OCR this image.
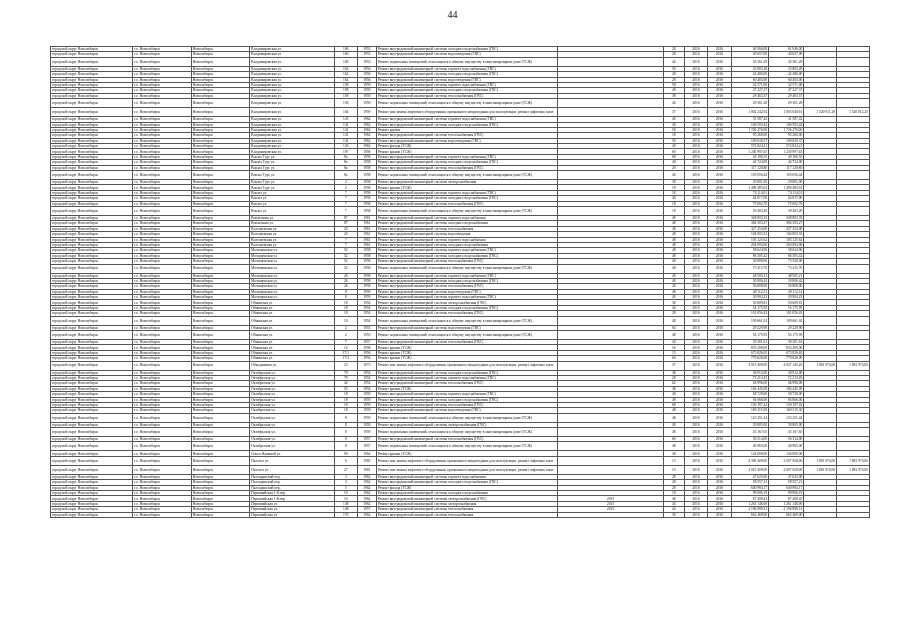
44
городской округ Новосибирск	г.о. Новосибирск	Новосибирск	Владимировская ул.	160	1953	Ремонт внутридомовой инженерной системы холодного водоснабжения (ГВС)		28	2016	2016	60 566,00	61 946,00		
городской округ Новосибирск	г.о. Новосибирск	Новосибирск	Владимировская ул.	160	1953	Ремонт внутридомовой инженерной системы водоотведения (ГВС)		28	2016	2016	40 657,00	40 657,00		
городской округ Новосибирск	г.о. Новосибирск	Новосибирск	Владимировская ул.	160	1953	Ремонт подвальных помещений, относящихся к общему имуществу в многоквартирном доме (ТСЖ)		44	2016	2016	45 361,29	45 361,29		
городской округ Новосибирск	г.о. Новосибирск	Новосибирск	Владимировская ул.	162	1956	Ремонт внутридомовой инженерной системы горячего водоснабжения (ГВС)		58	2016	2016	33 803,28	33 803,28		
городской округ Новосибирск	г.о. Новосибирск	Новосибирск	Владимировская ул.	162	1956	Ремонт внутридомовой инженерной системы холодного водоснабжения (ГВС)		28	2016	2016	42 486,00	42 486,00		
городской округ Новосибирск	г.о. Новосибирск	Новосибирск	Владимировская ул.	162	1956	Ремонт внутридомовой инженерной системы водоотведения (ГВС)		28	2016	2016	60 403,00	60 403,00		
городской округ Новосибирск	г.о. Новосибирск	Новосибирск	Владимировская ул.	158	1959	Ремонт внутридомовой инженерной системы горячего водоснабжения (ГВС)		58	2016	2016	32 571,00	32 571,00		
городской округ Новосибирск	г.о. Новосибирск	Новосибирск	Владимировская ул.	158	1959	Ремонт внутридомовой инженерной системы холодного водоснабжения (ГВС)		28	2016	2016	47 227,37	47 227,37		
городской округ Новосибирск	г.о. Новосибирск	Новосибирск	Владимировская ул.	158	1959	Ремонт внутридомовой инженерной системы теплоснабжения (ГВС)		38	2016	2016	29 463,57	29 463,57		
городской округ Новосибирск	г.о. Новосибирск	Новосибирск	Владимировская ул.	158	1959	Ремонт подвальных помещений, относящихся к общему имуществу в многоквартирном доме (ТСЖ)		44	2016	2016	29 361,28	29 361,28		
городской округ Новосибирск	г.о. Новосибирск	Новосибирск	Владимировская ул.	164	1959	Ремонт или замена лифтового оборудования, признанного непригодным для эксплуатации, ремонт лифтовых шахт		37	2016	2016	1 002 242,94	1 003 640,61	1 520 011,29	1 520 012,25
городской округ Новосибирск	г.о. Новосибирск	Новосибирск	Владимировская ул.	141	1962	Ремонт внутридомовой инженерной системы горячего водоснабжения (ГВС)		40	2016	2016	31 587,42	31 587,42		
городской округ Новосибирск	г.о. Новосибирск	Новосибирск	Владимировская ул.	141	1962	Ремонт внутридомовой инженерной системы холодного водоснабжения (ГВС)		40	2016	2016	106 593,42	106 593,42		
городской округ Новосибирск	г.о. Новосибирск	Новосибирск	Владимировская ул.	141	1962	Ремонт крыши		58	2016	2016	1 726 276,00	1 726 276,00		
городской округ Новосибирск	г.о. Новосибирск	Новосибирск	Владимировская ул.	141	1962	Ремонт внутридомовой инженерной системы теплоснабжения (ГВС)		18	2016	2016	95 260,00	95 260,00		
городской округ Новосибирск	г.о. Новосибирск	Новосибирск	Владимировская ул.	141	1962	Ремонт внутридомовой инженерной системы водоотведения (ГВС)		58	2016	2016	109 630,37	109 630,37		
городской округ Новосибирск	г.о. Новосибирск	Новосибирск	Владимировская ул.	143	1962	Ремонт фасада (ТСЖ)		40	2016	2016	574 824,21	574 824,21		
городской округ Новосибирск	г.о. Новосибирск	Новосибирск	Владимировская ул.	197	1958	Ремонт крыши (ТСЖ)		60	2016	2016	1 230 997,65	1 230 997,65		
городской округ Новосибирск	г.о. Новосибирск	Новосибирск	Вокзал Турс ул.	8а	1958	Ремонт внутридомовой инженерной системы горячего водоснабжения (ГВС)		68	2016	2016	40 106,55	40 106,55		
городской округ Новосибирск	г.о. Новосибирск	Новосибирск	Вокзал Турс ул.	8а	1958	Ремонт внутридомовой инженерной системы холодного водоснабжения (ГВС)		40	2016	2016	44 724,00	44 724,00		
городской округ Новосибирск	г.о. Новосибирск	Новосибирск	Вокзал Турс ул.	8а	1958	Ремонт внутридомовой инженерной системы теплоснабжения (ГВС)		20	2016	2016	117 120,80	117 120,80		
городской округ Новосибирск	г.о. Новосибирск	Новосибирск	Вокзал Турс ул.	8а	1958	Ремонт подвальных помещений, относящихся к общему имуществу в многоквартирном доме (ТСЖ)		40	2016	2016	105 056,44	105 056,44		
городской округ Новосибирск	г.о. Новосибирск	Новосибирск	Вокзал Турс ул.	2	1958	Ремонт внутридомовой инженерной системы электроснабжения		38	2016	2016	29 801,00	29 801,00		
городской округ Новосибирск	г.о. Новосибирск	Новосибирск	Вокзал Турс ул.	2	1958	Ремонт крыши (ТСЖ)		18	2016	2016	1 499 485,02	1 499 485,02		
городской округ Новосибирск	г.о. Новосибирск	Новосибирск	Вокзал ул.	7	1958	Ремонт внутридомовой инженерной системы горячего водоснабжения (ГВС)		18	2016	2016	74 114,01	74 114,01		
городской округ Новосибирск	г.о. Новосибирск	Новосибирск	Вокзал ул.	7	1958	Ремонт внутридомовой инженерной системы холодного водоснабжения (ГВС)		40	2016	2016	64 017,00	64 017,00		
городской округ Новосибирск	г.о. Новосибирск	Новосибирск	Вокзал ул.	7	1958	Ремонт внутридомовой инженерной системы теплоснабжения (ГВС)		18	2016	2016	75 002,70	75 002,70		
городской округ Новосибирск	г.о. Новосибирск	Новосибирск	Вокзал ул.	7	1958	Ремонт подвальных помещений, относящихся к общему имуществу в многоквартирном доме (ТСЖ)		18	2016	2016	39 403,20	39 403,20		
городской округ Новосибирск	г.о. Новосибирск	Новосибирск	Вокзальная ул.	87	1961	Ремонт внутридомовой инженерной системы горячего водоснабжения		48	2016	2016	348 803,35	348 803,35		
городской округ Новосибирск	г.о. Новосибирск	Новосибирск	Вокзальная ул.	87	1961	Ремонт внутридомовой инженерной системы холодного водоснабжения		48	2016	2016	384 303,27	384 303,27		
городской округ Новосибирск	г.о. Новосибирск	Новосибирск	Волочаевская ул.	20	1961	Ремонт внутридомовой инженерной системы теплоснабжения		38	2016	2016	327 254,00	327 254,00		
городской округ Новосибирск	г.о. Новосибирск	Новосибирск	Волочаевская ул.	20	1961	Ремонт внутридомовой инженерной системы водоотведения		48	2016	2016	104 003,33	104 003,33		
городской округ Новосибирск	г.о. Новосибирск	Новосибирск	Волочаевская ул.	7	1961	Ремонт внутридомовой инженерной системы горячего водоснабжения		48	2016	2016	103 125,62	103 125,62		
городской округ Новосибирск	г.о. Новосибирск	Новосибирск	Волочаевская ул.	7	1961	Ремонт внутридомовой инженерной системы холодного водоснабжения		48	2016	2016	204 094,06	204 094,06		
городской округ Новосибирск	г.о. Новосибирск	Новосибирск	Мочищенская ул.	52	1958	Ремонт внутридомовой инженерной системы горячего водоснабжения (ГВС)		48	2016	2016	38 624,96	38 624,96		
городской округ Новосибирск	г.о. Новосибирск	Новосибирск	Мочищенская ул.	52	1958	Ремонт внутридомовой инженерной системы холодного водоснабжения (ГВС)		48	2016	2016	86 305,42	86 305,42		
городской округ Новосибирск	г.о. Новосибирск	Новосибирск	Мочищенская ул.	52	1958	Ремонт внутридомовой инженерной системы теплоснабжения (ГВС)		40	2016	2016	30 808,00	73 520,00		
городской округ Новосибирск	г.о. Новосибирск	Новосибирск	Мочищенская ул.	52	1958	Ремонт подвальных помещений, относящихся к общему имуществу в многоквартирном доме (ТСЖ)		48	2016	2016	73 415,70	73 415,70		
городской округ Новосибирск	г.о. Новосибирск	Новосибирск	Мочищенская ул.	26	1958	Ремонт внутридомовой инженерной системы горячего водоснабжения (ГВС)		40	2016	2016	48 505,21	48 505,21		
городской округ Новосибирск	г.о. Новосибирск	Новосибирск	Мочищенская ул.	26	1958	Ремонт внутридомовой инженерной системы холодного водоснабжения (ГВС)		40	2016	2016	30 806,42	30 806,42		
городской округ Новосибирск	г.о. Новосибирск	Новосибирск	Мочищенская ул.	26	1958	Ремонт внутридомовой инженерной системы теплоснабжения (ГВС)		28	2016	2016	56 808,00	56 808,00		
городской округ Новосибирск	г.о. Новосибирск	Новосибирск	Мочищенская ул.	8	1959	Ремонт внутридомовой инженерной системы водоотведения (ГВС)		48	2016	2016	40 112,31	40 112,31		
городской округ Новосибирск	г.о. Новосибирск	Новосибирск	Мочищенская ул.	8	1959	Ремонт внутридомовой инженерной системы горячего водоснабжения (ГВС)		40	2016	2016	30 904,23	30 904,23		
городской округ Новосибирск	г.о. Новосибирск	Новосибирск	Обнинская ул.	18	1954	Ремонт внутридомовой инженерной системы электроснабжения (ГВС)		38	2016	2016	50 609,81	50 609,81		
городской округ Новосибирск	г.о. Новосибирск	Новосибирск	Обнинская ул.	18	1954	Ремонт внутридомовой инженерной системы холодного водоснабжения (ГВС)		44	2016	2016	54 175,95	54 175,95		
городской округ Новосибирск	г.о. Новосибирск	Новосибирск	Обнинская ул.	18	1954	Ремонт внутридомовой инженерной системы теплоснабжения (ГВС)		28	2016	2016	101 056,43	101 056,43		
городской округ Новосибирск	г.о. Новосибирск	Новосибирск	Обнинская ул.	10	1954	Ремонт подвальных помещений, относящихся к общему имуществу в многоквартирном доме (ТСЖ)		48	2016	2016	109 661,02	109 661,02		
городской округ Новосибирск	г.о. Новосибирск	Новосибирск	Обнинская ул.	2	1953	Ремонт внутридомовой инженерной системы водоотведения (ГВС)		64	2016	2016	29 229,90	29 229,90		
городской округ Новосибирск	г.о. Новосибирск	Новосибирск	Обнинская ул.	2	1953	Ремонт подвальных помещений, относящихся к общему имуществу в многоквартирном доме (ТСЖ)		48	2016	2016	54 175,95	54 175,95		
городской округ Новосибирск	г.о. Новосибирск	Новосибирск	Обнинская ул.	7	1957	Ремонт внутридомовой инженерной системы теплоснабжения (ГВС)		40	2016	2016	39 301,61	39 301,61		
городской округ Новосибирск	г.о. Новосибирск	Новосибирск	Обнинская ул.	14	1958	Ремонт крыши (ТСЖ)		16	2016	2016	833 209,00	833 209,00		
городской округ Новосибирск	г.о. Новосибирск	Новосибирск	Обнинская ул.	17/1	1956	Ремонт крыши (ТСЖ)		15	2016	2016	673 826,65	673 826,65		
городской округ Новосибирск	г.о. Новосибирск	Новосибирск	Обнинская ул.	17/2	1956	Ремонт крыши (ТСЖ)		60	2016	2016	770 626,00	770 626,00		
городской округ Новосибирск	г.о. Новосибирск	Новосибирск	Объединения ул.	23	1973	Ремонт или замена лифтового оборудования, признанного непригодным для эксплуатации, ремонт лифтовых шахт		37	2016	2016	4 015 409,00	4 027 145,26	1 881 974,00	1 881 974,00
городской округ Новосибирск	г.о. Новосибирск	Новосибирск	Октябрьская ул.	79	1954	Ремонт внутридомовой инженерной системы холодного водоснабжения (ГВС)		48	2016	2016	38 912,00	38 912,00		
городской округ Новосибирск	г.о. Новосибирск	Новосибирск	Октябрьская ул.	79	1954	Ремонт внутридомовой инженерной системы горячего водоснабжения (ГВС)		28	2016	2016	72 213,45	72 213,45		
городской округ Новосибирск	г.о. Новосибирск	Новосибирск	Октябрьская ул.	44	1952	Ремонт внутридомовой инженерной системы теплоснабжения (ГВС)		62	2016	2016	46 996,00	46 996,00		
городской округ Новосибирск	г.о. Новосибирск	Новосибирск	Октябрьская ул.	55	1954	Ремонт крыши (ТСЖ)		48	2016	2016	184 445,09	184 445,09		
городской округ Новосибирск	г.о. Новосибирск	Новосибирск	Октябрьская ул.	18	1959	Ремонт внутридомовой инженерной системы горячего водоснабжения (ГВС)		40	2016	2016	58 729,00	58 729,00		
городской округ Новосибирск	г.о. Новосибирск	Новосибирск	Октябрьская ул.	18	1959	Ремонт внутридомовой инженерной системы холодного водоснабжения (ГВС)		48	2016	2016	94 066,00	94 066,00		
городской округ Новосибирск	г.о. Новосибирск	Новосибирск	Октябрьская ул.	18	1959	Ремонт внутридомовой инженерной системы теплоснабжения (ГВС)		68	2016	2016	130 197,42	130 197,42		
городской округ Новосибирск	г.о. Новосибирск	Новосибирск	Октябрьская ул.	18	1959	Ремонт внутридомовой инженерной системы водоотведения (ГВС)		48	2016	2016	160 315,30	160 315,30		
городской округ Новосибирск	г.о. Новосибирск	Новосибирск	Октябрьская ул.	8	1959	Ремонт подвальных помещений, относящихся к общему имуществу в многоквартирном доме (ТСЖ)		48	2016	2016	123 251,44	123 251,44		
городской округ Новосибирск	г.о. Новосибирск	Новосибирск	Октябрьская ул.	8	1959	Ремонт внутридомовой инженерной системы электроснабжения (ГВС)		40	2016	2016	39 805,00	39 805,00		
городской округ Новосибирск	г.о. Новосибирск	Новосибирск	Октябрьская ул.	8	1959	Ремонт подвальных помещений, относящихся к общему имуществу в многоквартирном доме (ТСЖ)		48	2016	2016	43 167,65	43 167,65		
городской округ Новосибирск	г.о. Новосибирск	Новосибирск	Октябрьская ул.	8	1957	Ремонт внутридомовой инженерной системы теплоснабжения (ГВС)		60	2016	2016	56 314,00	56 314,00		
городской округ Новосибирск	г.о. Новосибирск	Новосибирск	Октябрьская ул.	8	1957	Ремонт подвальных помещений, относящихся к общему имуществу в многоквартирном доме (ТСЖ)		48	2016	2016	40 965,00	40 965,00		
городской округ Новосибирск	г.о. Новосибирск	Новосибирск	Ольги Жилиной ул.	90	1962	Ремонт крыши (ТСЖ)		48	2016	2016	144 000,00	144 000,00		
городской округ Новосибирск	г.о. Новосибирск	Новосибирск	Палласа ул.	6	1983	Ремонт или замена лифтового оборудования, признанного непригодным для эксплуатации, ремонт лифтовых шахт		15	2016	2016	4 300 409,00	2 007 920,00	1 881 974,00	1 881 974,00
городской округ Новосибирск	г.о. Новосибирск	Новосибирск	Палласа ул.	27	1981	Ремонт или замена лифтового оборудования, признанного непригодным для эксплуатации, ремонт лифтовых шахт		15	2016	2016	4 015 409,00	2 007 920,00	1 881 974,00	1 881 974,00
городской округ Новосибирск	г.о. Новосибирск	Новосибирск	Палладинский пер.	3	1962	Ремонт внутридомовой инженерной системы горячего водоснабжения		28	2016	2016	47 625,00	47 625,00		
городской округ Новосибирск	г.о. Новосибирск	Новосибирск	Палладинский пер.	3	1962	Ремонт внутридомовой инженерной системы холодного водоснабжения (ГВС)		28	2016	2016	58 557,21	58 557,21		
городской округ Новосибирск	г.о. Новосибирск	Новосибирск	Палладинский пер.	5	1962	Ремонт фасада (ТСЖ)		28	2016	2016	640 984,17	640 984,17		
городской округ Новосибирск	г.о. Новосибирск	Новосибирск	Первомайская 1-й пер.	10	1962	Ремонт внутридомовой инженерной системы холодного водоснабжения		18	2016	2016	99 006,19	99 006,19		
городской округ Новосибирск	г.о. Новосибирск	Новосибирск	Первомайская 1-й пер.	10	1962	Ремонт внутридомовой инженерной системы электроснабжения (ГВС)	2015	48	2016	2016	87 208,43	87 208,43		
городской округ Новосибирск	г.о. Новосибирск	Новосибирск	Первомайская ул.	148	1962	Ремонт внутридомовой инженерной системы электроснабжения	2015	44	2016	2016	1 261 146,00	1 261 146,00		
городской округ Новосибирск	г.о. Новосибирск	Новосибирск	Первомайская ул.	148	1957	Ремонт внутридомовой инженерной системы теплоснабжения	2015	44	2016	2016	2 196 898,31	2 196 898,31		
городской округ Новосибирск	г.о. Новосибирск	Новосибирск	Первомайская ул.	170	1962	Ремонт внутридомовой инженерной системы теплоснабжения		38	2016	2016	662 469,00	662 469,00		
